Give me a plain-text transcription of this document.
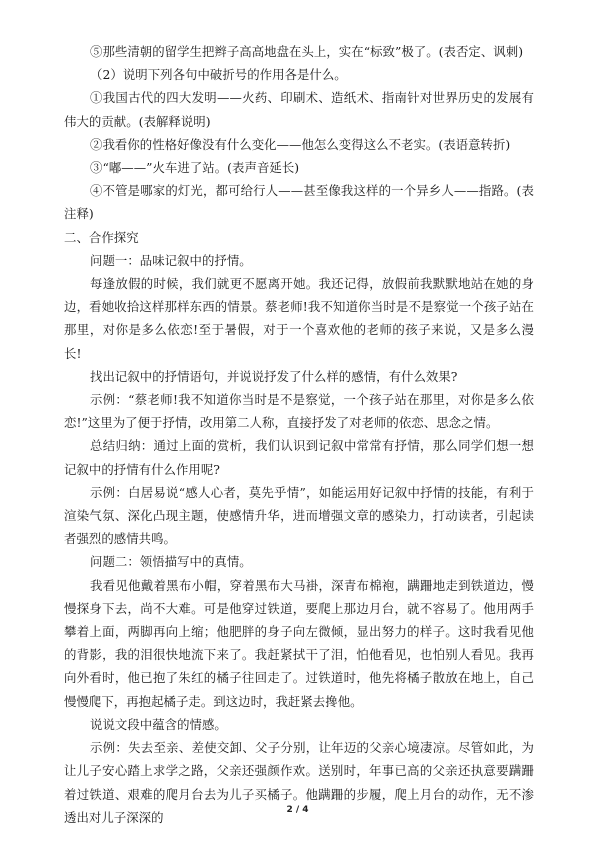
⑤那些清朝的留学生把辫子高高地盘在头上，实在“标致”极了。(表否定、讽刺)

（2）说明下列各句中破折号的作用各是什么。

①我国古代的四大发明——火药、印刷术、造纸术、指南针对世界历史的发展有伟大的贡献。(表解释说明)

②我看你的性格好像没有什么变化——他怎么变得这么不老实。(表语意转折)

③“嘟——”火车进了站。(表声音延长)

④不管是哪家的灯光，都可给行人——甚至像我这样的一个异乡人——指路。(表注释)

二、合作探究

问题一：品味记叙中的抒情。

每逢放假的时候，我们就更不愿离开她。我还记得，放假前我默默地站在她的身边，看她收拾这样那样东西的情景。蔡老师!我不知道你当时是不是察觉一个孩子站在那里，对你是多么依恋!至于暑假，对于一个喜欢他的老师的孩子来说，又是多么漫长!

找出记叙中的抒情语句，并说说抒发了什么样的感情，有什么效果?

示例：“蔡老师!我不知道你当时是不是察觉，一个孩子站在那里，对你是多么依恋!”这里为了便于抒情，改用第二人称，直接抒发了对老师的依恋、思念之情。

总结归纳：通过上面的赏析，我们认识到记叙中常常有抒情，那么同学们想一想记叙中的抒情有什么作用呢?

示例：白居易说“感人心者，莫先乎情”，如能运用好记叙中抒情的技能，有利于渲染气氛、深化凸现主题，使感情升华，进而增强文章的感染力，打动读者，引起读者强烈的感情共鸣。

问题二：领悟描写中的真情。

我看见他戴着黑布小帽，穿着黑布大马褂，深青布棉袍，蹒跚地走到铁道边，慢慢探身下去，尚不大难。可是他穿过铁道，要爬上那边月台，就不容易了。他用两手攀着上面，两脚再向上缩；他肥胖的身子向左微倾，显出努力的样子。这时我看见他的背影，我的泪很快地流下来了。我赶紧拭干了泪，怕他看见，也怕别人看见。我再向外看时，他已抱了朱红的橘子往回走了。过铁道时，他先将橘子散放在地上，自己慢慢爬下，再抱起橘子走。到这边时，我赶紧去搀他。

说说文段中蕴含的情感。

示例：失去至亲、差使交卸、父子分别，让年迈的父亲心境凄凉。尽管如此，为让儿子安心踏上求学之路，父亲还强颜作欢。送别时，年事已高的父亲还执意要蹒跚着过铁道、艰难的爬月台去为儿子买橘子。他蹒跚的步履，爬上月台的动作，无不渗透出对儿子深深的	2 / 4
